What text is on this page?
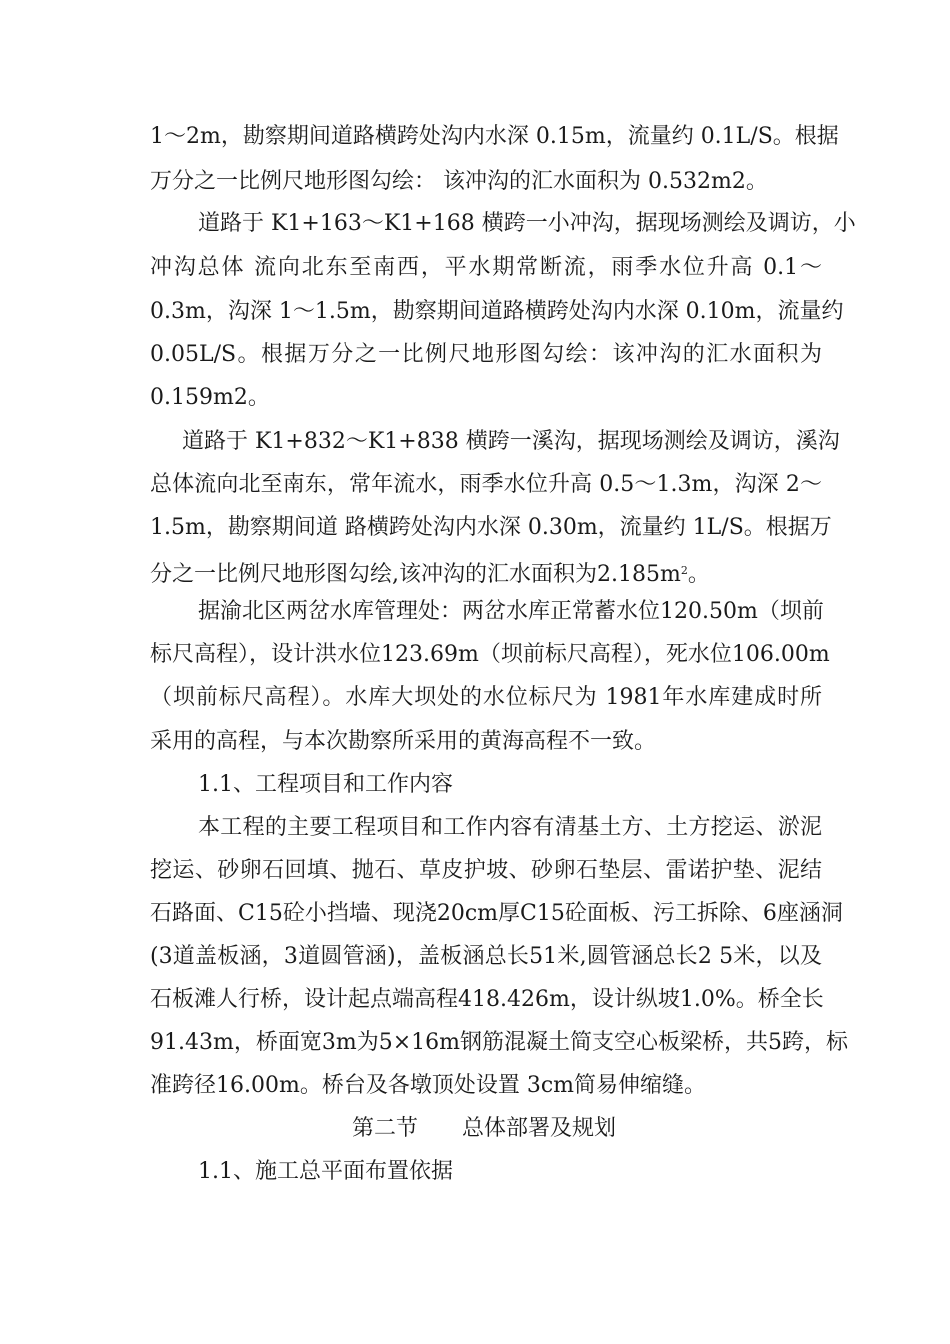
1～2m，勘察期间道路横跨处沟内水深 0.15m，流量约 0.1L/S。根据
万分之一比例尺地形图勾绘： 该冲沟的汇水面积为 0.532m2。
道路于 K1+163～K1+168 横跨一小冲沟，据现场测绘及调访，小
冲沟总体 流向北东至南西，平水期常断流，雨季水位升高 0.1～
0.3m，沟深 1～1.5m，勘察期间道路横跨处沟内水深 0.10m，流量约
0.05L/S。根据万分之一比例尺地形图勾绘：该冲沟的汇水面积为
0.159m2。
道路于 K1+832～K1+838 横跨一溪沟，据现场测绘及调访，溪沟
总体流向北至南东，常年流水，雨季水位升高 0.5～1.3m，沟深 2～
1.5m，勘察期间道 路横跨处沟内水深 0.30m，流量约 1L/S。根据万
分之一比例尺地形图勾绘,该冲沟的汇水面积为$2.185m^2$。
据渝北区两岔水库管理处：两岔水库正常蓄水位120.50m（坝前
标尺高程），设计洪水位123.69m（坝前标尺高程），死水位106.00m
（坝前标尺高程）。水库大坝处的水位标尺为 1981年水库建成时所
采用的高程，与本次勘察所采用的黄海高程不一致。
1.1、工程项目和工作内容
本工程的主要工程项目和工作内容有清基土方、土方挖运、淤泥
挖运、砂卵石回填、抛石、草皮护坡、砂卵石垫层、雷诺护垫、泥结
石路面、C15砼小挡墙、现浇20cm厚C15砼面板、污工拆除、6座涵洞
(3道盖板涵，3道圆管涵)，盖板涵总长51米,圆管涵总长2 5米，以及
石板滩人行桥，设计起点端高程418.426m，设计纵坡1.0%。桥全长
91.43m，桥面宽3m为5×16m钢筋混凝土简支空心板梁桥，共5跨，标
准跨径16.00m。桥台及各墩顶处设置 3cm简易伸缩缝。
第二节　　总体部署及规划
1.1、施工总平面布置依据
